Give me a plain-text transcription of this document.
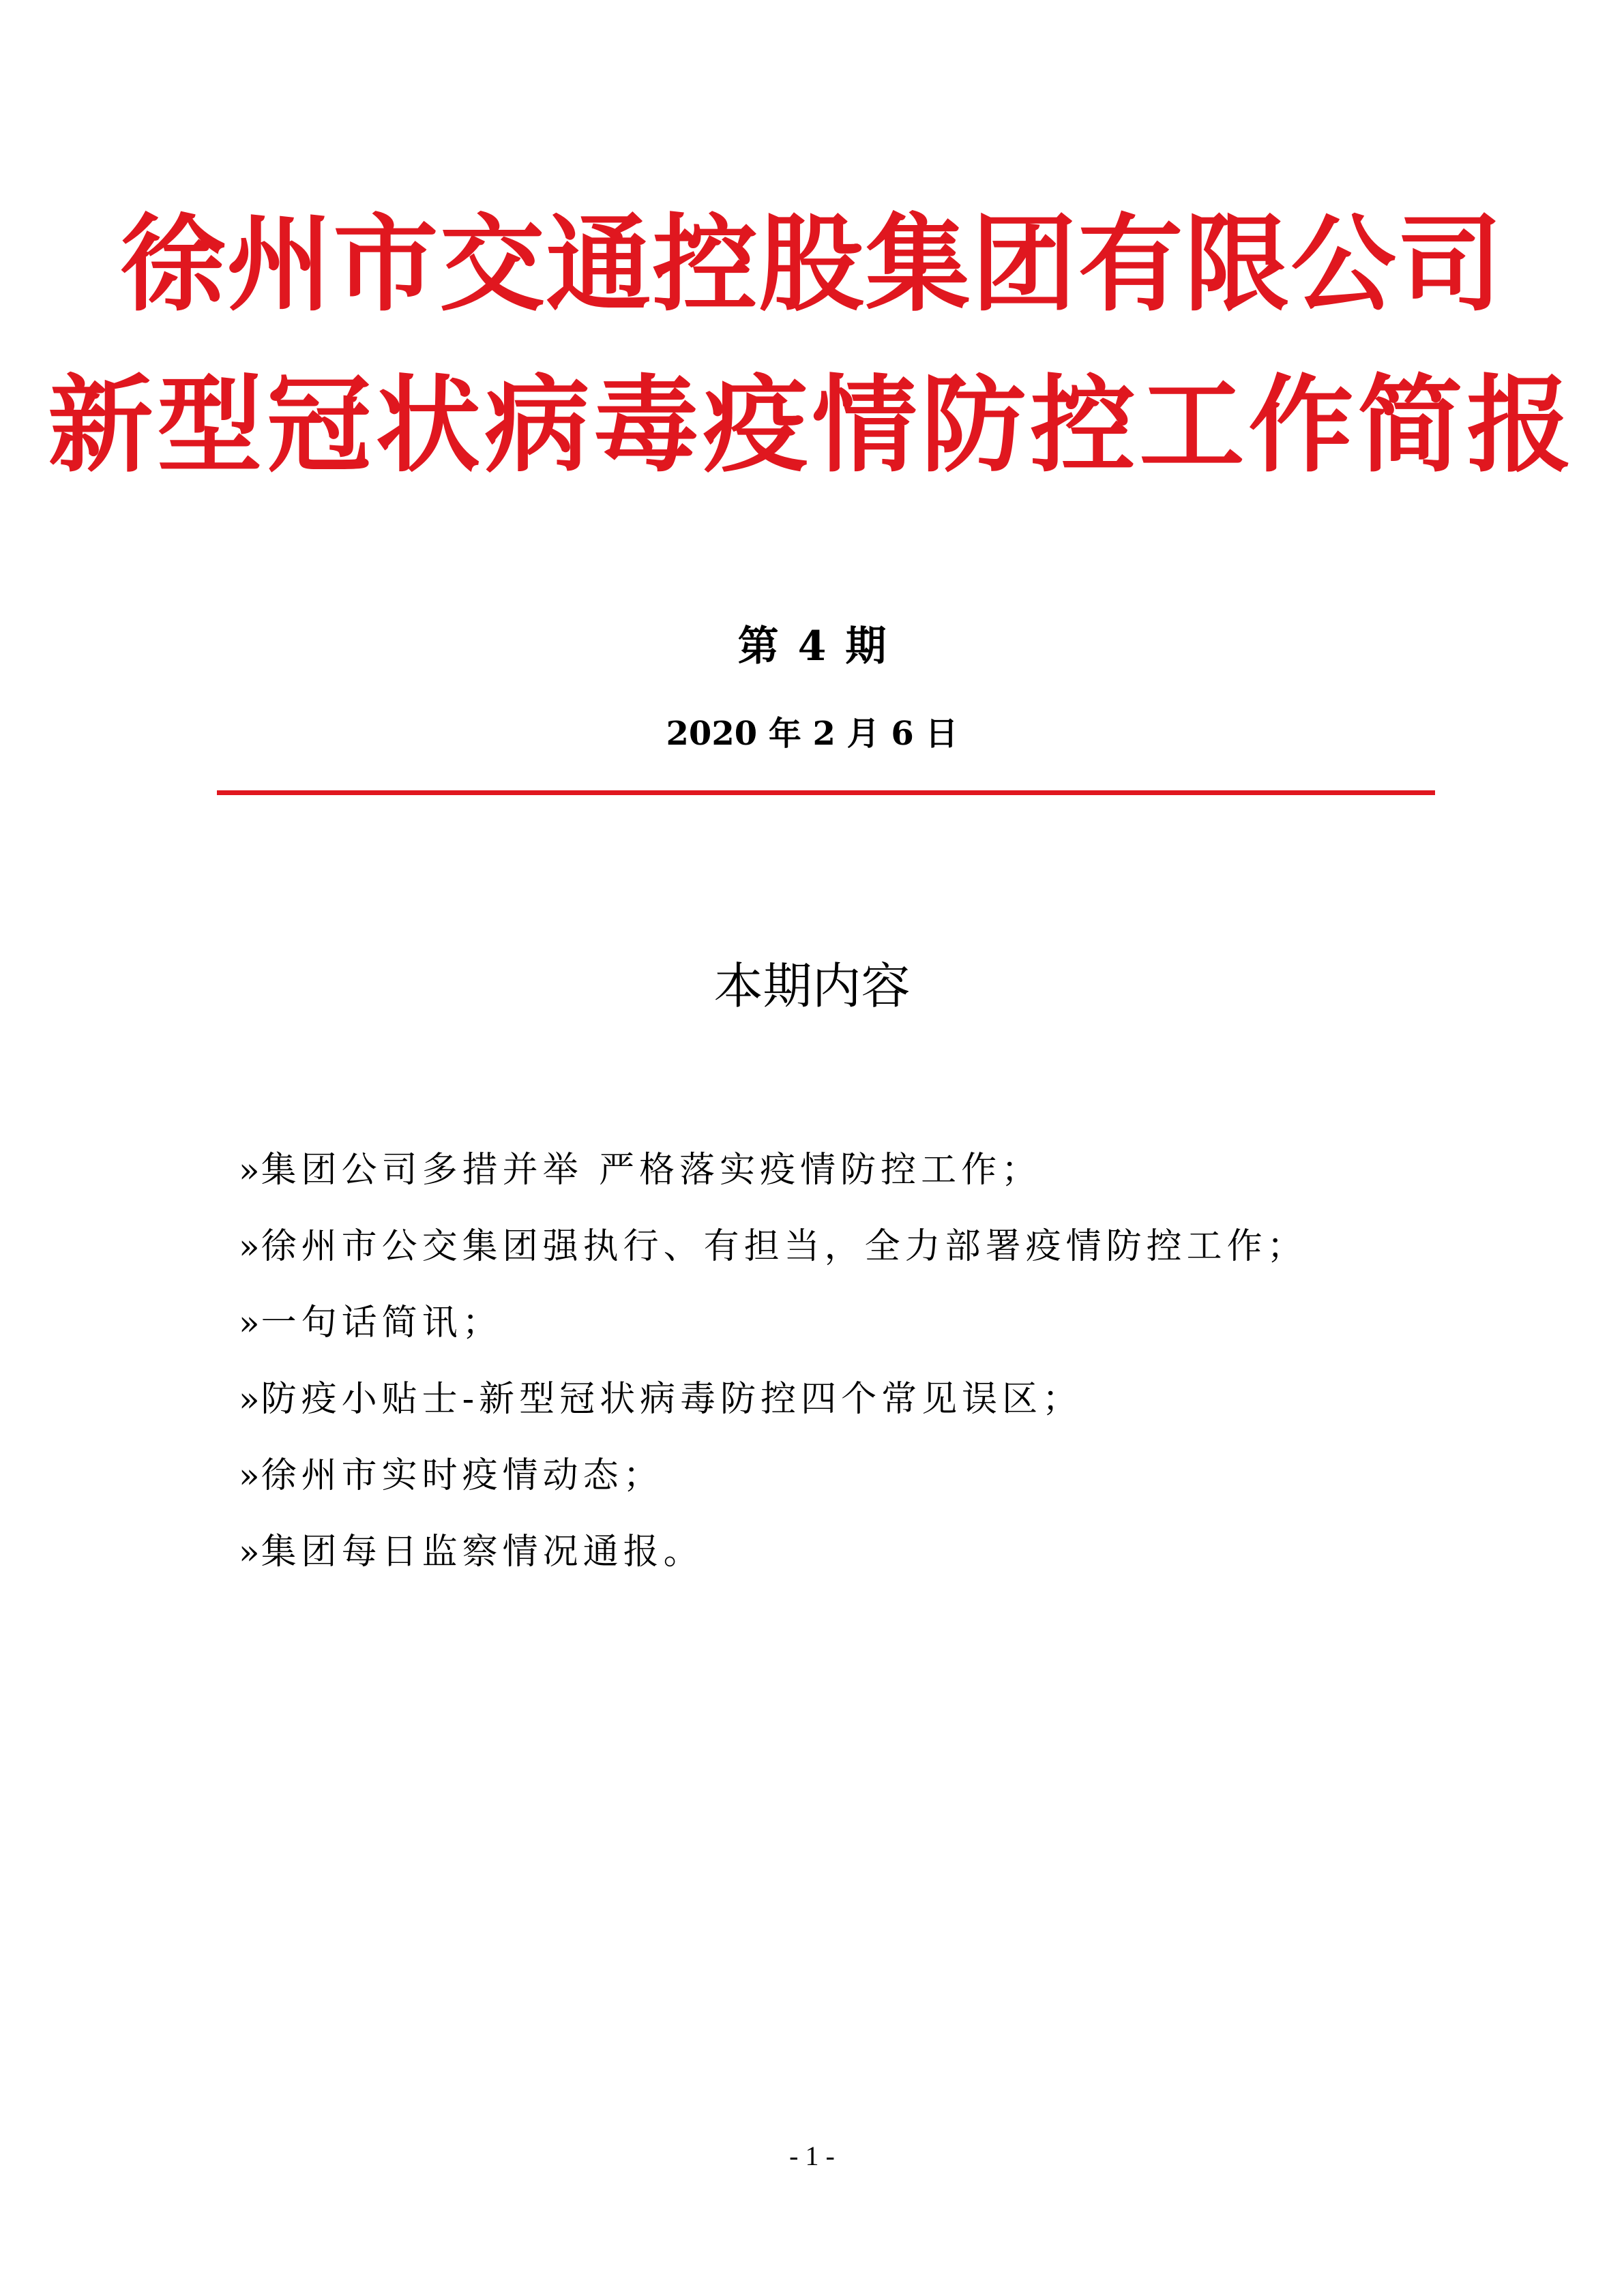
徐州市交通控股集团有限公司
新型冠状病毒疫情防控工作简报
第 4 期
2020 年 2 月 6 日
本期内容
»集团公司多措并举 严格落实疫情防控工作；
»徐州市公交集团强执行、有担当，全力部署疫情防控工作；
»一句话简讯；
»防疫小贴士-新型冠状病毒防控四个常见误区；
»徐州市实时疫情动态；
»集团每日监察情况通报。
- 1 -
